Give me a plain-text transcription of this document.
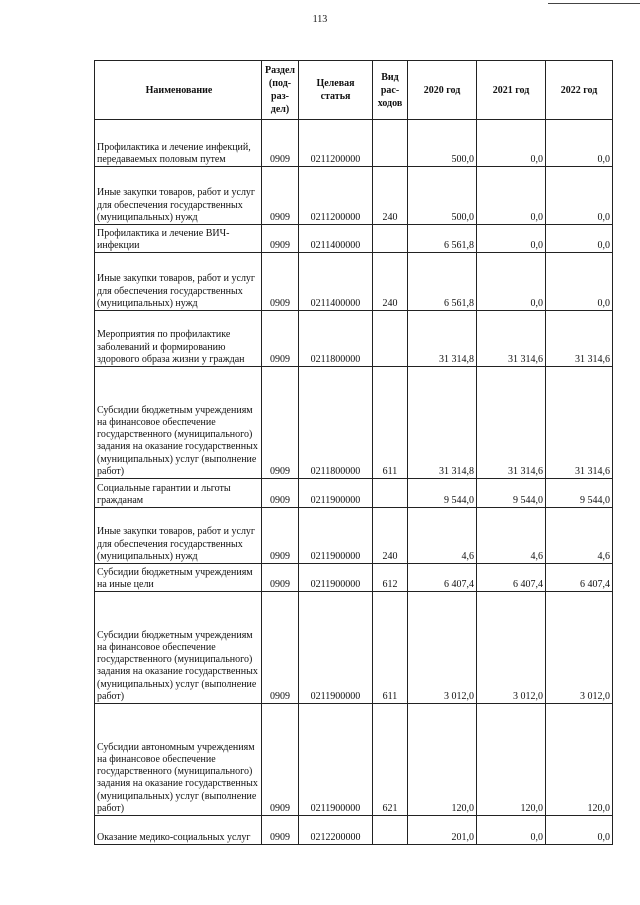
113
Наименование	Раздел (под-раз-дел)	Целевая статья	Вид рас-ходов	2020 год	2021 год	2022 год
Профилактика и лечение инфекций, передаваемых половым путем	0909	0211200000		500,0	0,0	0,0
Иные закупки товаров, работ и услуг для обеспечения государственных (муниципальных) нужд	0909	0211200000	240	500,0	0,0	0,0
Профилактика и лечение ВИЧ-инфекции	0909	0211400000		6 561,8	0,0	0,0
Иные закупки товаров, работ и услуг для обеспечения государственных (муниципальных) нужд	0909	0211400000	240	6 561,8	0,0	0,0
Мероприятия по профилактике заболеваний и формированию здорового образа жизни у граждан	0909	0211800000		31 314,8	31 314,6	31 314,6
Субсидии бюджетным учреждениям на финансовое обеспечение государственного (муниципального) задания на оказание государственных (муниципальных) услуг (выполнение работ)	0909	0211800000	611	31 314,8	31 314,6	31 314,6
Социальные гарантии и льготы гражданам	0909	0211900000		9 544,0	9 544,0	9 544,0
Иные закупки товаров, работ и услуг для обеспечения государственных (муниципальных) нужд	0909	0211900000	240	4,6	4,6	4,6
Субсидии бюджетным учреждениям на иные цели	0909	0211900000	612	6 407,4	6 407,4	6 407,4
Субсидии бюджетным учреждениям на финансовое обеспечение государственного (муниципального) задания на оказание государственных (муниципальных) услуг (выполнение работ)	0909	0211900000	611	3 012,0	3 012,0	3 012,0
Субсидии автономным учреждениям на финансовое обеспечение государственного (муниципального) задания на оказание государственных (муниципальных) услуг (выполнение работ)	0909	0211900000	621	120,0	120,0	120,0
Оказание медико-социальных услуг	0909	0212200000		201,0	0,0	0,0
